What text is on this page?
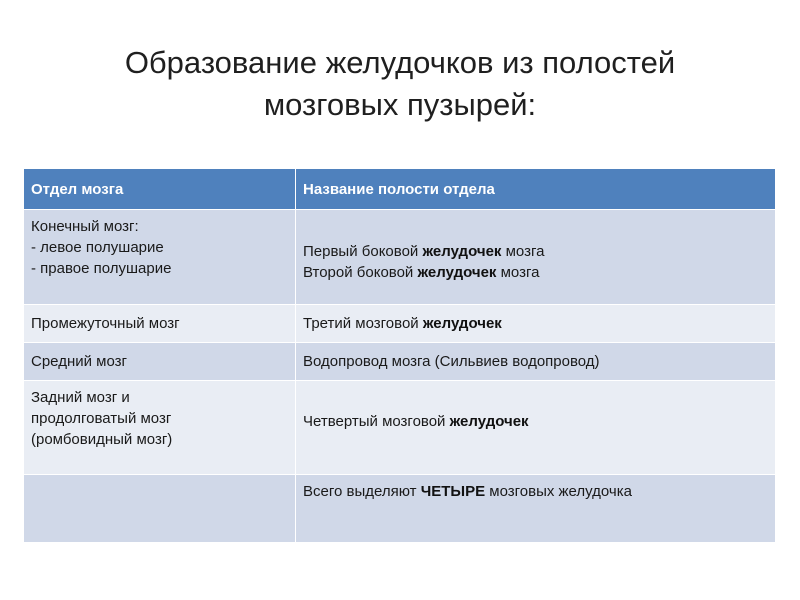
Образование желудочков из полостей
мозговых пузырей:
Отдел мозга	Название полости отдела

Конечный мозг:
- левое полушарие
- правое полушарие	Первый боковой желудочек мозга
Второй боковой желудочек мозга

Промежуточный мозг	Третий мозговой желудочек

Средний мозг	Водопровод мозга (Сильвиев водопровод)

Задний мозг и
продолговатый мозг
(ромбовидный мозг)	Четвертый мозговой желудочек

	Всего выделяют ЧЕТЫРЕ мозговых желудочка
